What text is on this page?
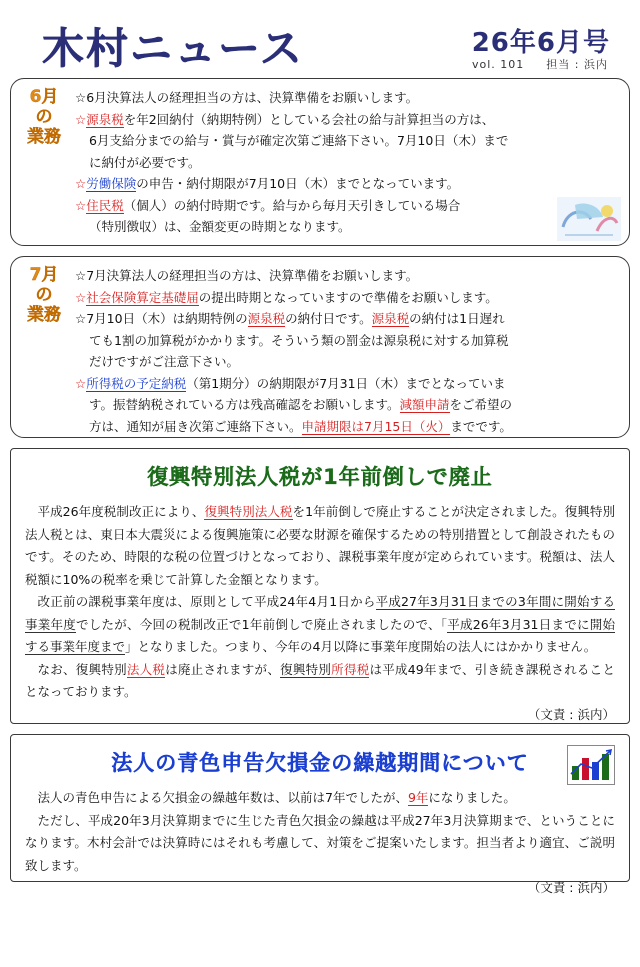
木村ニュース	26年6月号
vol. 101 担当 : 浜内
6月
の
業務
☆6月決算法人の経理担当の方は、決算準備をお願いします。
☆源泉税を年2回納付（納期特例）としている会社の給与計算担当の方は、
6月支給分までの給与・賞与が確定次第ご連絡下さい。7月10日（木）まで
に納付が必要です。
☆労働保険の申告・納付期限が7月10日（木）までとなっています。
☆住民税（個人）の納付時期です。給与から毎月天引きしている場合
（特別徴収）は、金額変更の時期となります。
7月
の
業務
☆7月決算法人の経理担当の方は、決算準備をお願いします。
☆社会保険算定基礎届の提出時期となっていますので準備をお願いします。
☆7月10日（木）は納期特例の源泉税の納付日です。源泉税の納付は1日遅れ
ても1割の加算税がかかります。そういう類の罰金は源泉税に対する加算税
だけですがご注意下さい。
☆所得税の予定納税（第1期分）の納期限が7月31日（木）までとなっていま
す。振替納税されている方は残高確認をお願いします。減額申請をご希望の
方は、通知が届き次第ご連絡下さい。申請期限は7月15日（火）までです。
復興特別法人税が1年前倒しで廃止

平成26年度税制改正により、復興特別法人税を1年前倒しで廃止することが決定されました。復興特別法人税とは、東日本大震災による復興施策に必要な財源を確保するための特別措置として創設されたものです。そのため、時限的な税の位置づけとなっており、課税事業年度が定められています。税額は、法人税額に10%の税率を乗じて計算した金額となります。

改正前の課税事業年度は、原則として平成24年4月1日から平成27年3月31日までの3年間に開始する事業年度でしたが、今回の税制改正で1年前倒しで廃止されましたので、「平成26年3月31日までに開始する事業年度まで」となりました。つまり、今年の4月以降に事業年度開始の法人にはかかりません。

なお、復興特別法人税は廃止されますが、復興特別所得税は平成49年まで、引き続き課税されることとなっております。
（文責 : 浜内）

法人の青色申告欠損金の繰越期間について

法人の青色申告による欠損金の繰越年数は、以前は7年でしたが、9年になりました。

ただし、平成20年3月決算期までに生じた青色欠損金の繰越は平成27年3月決算期まで、ということになります。木村会計では決算時にはそれも考慮して、対策をご提案いたします。担当者より適宜、ご説明致します。
（文責 : 浜内）
